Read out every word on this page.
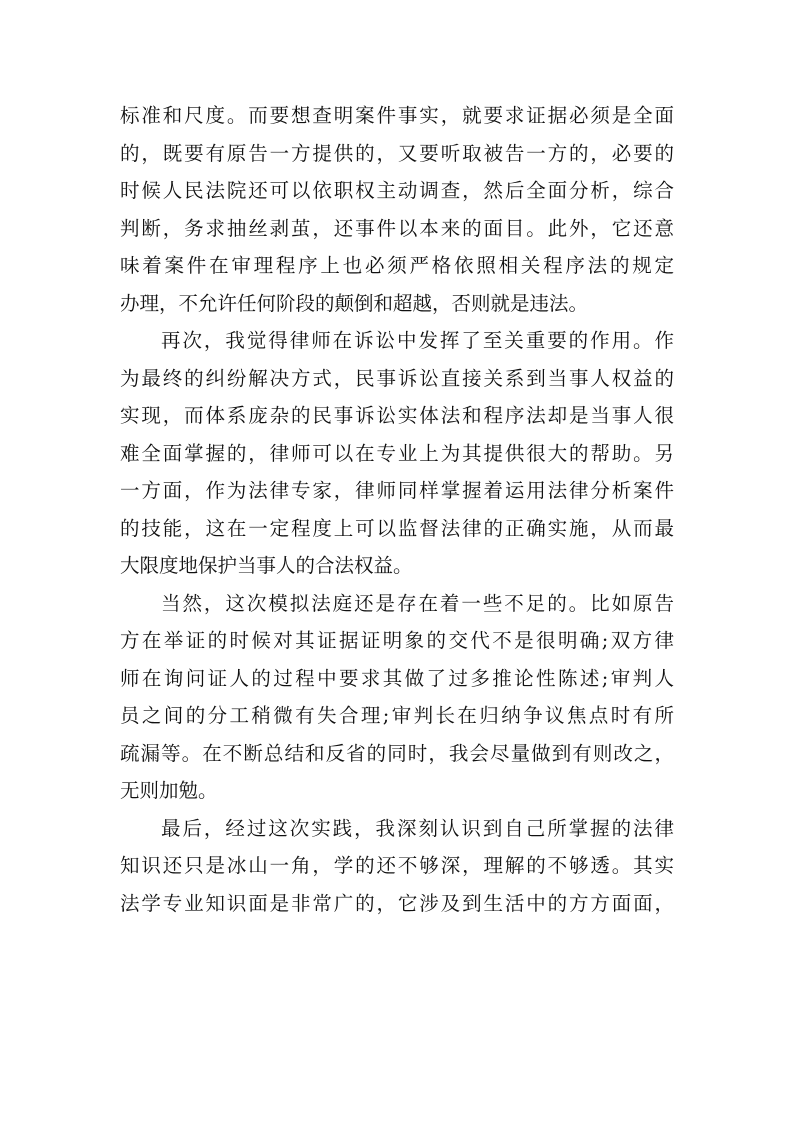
标准和尺度。而要想查明案件事实，就要求证据必须是全面
的，既要有原告一方提供的，又要听取被告一方的，必要的
时候人民法院还可以依职权主动调查，然后全面分析，综合
判断，务求抽丝剥茧，还事件以本来的面目。此外，它还意
味着案件在审理程序上也必须严格依照相关程序法的规定
办理，不允许任何阶段的颠倒和超越，否则就是违法。
再次，我觉得律师在诉讼中发挥了至关重要的作用。作
为最终的纠纷解决方式，民事诉讼直接关系到当事人权益的
实现，而体系庞杂的民事诉讼实体法和程序法却是当事人很
难全面掌握的，律师可以在专业上为其提供很大的帮助。另
一方面，作为法律专家，律师同样掌握着运用法律分析案件
的技能，这在一定程度上可以监督法律的正确实施，从而最
大限度地保护当事人的合法权益。
当然，这次模拟法庭还是存在着一些不足的。比如原告
方在举证的时候对其证据证明象的交代不是很明确;双方律
师在询问证人的过程中要求其做了过多推论性陈述;审判人
员之间的分工稍微有失合理;审判长在归纳争议焦点时有所
疏漏等。在不断总结和反省的同时，我会尽量做到有则改之，
无则加勉。
最后，经过这次实践，我深刻认识到自己所掌握的法律
知识还只是冰山一角，学的还不够深，理解的不够透。其实
法学专业知识面是非常广的，它涉及到生活中的方方面面，
